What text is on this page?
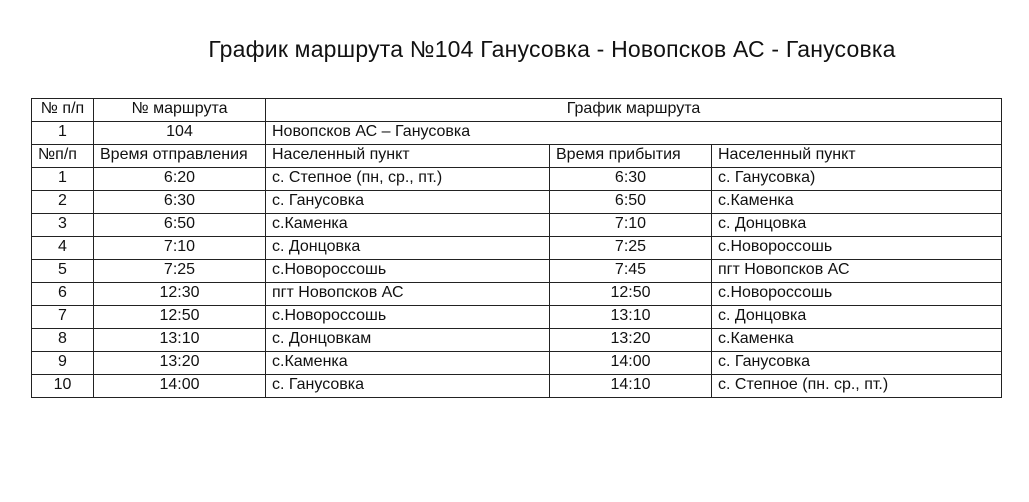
График маршрута №104 Ганусовка - Новопсков АС - Ганусовка
№ п/п	№ маршрута	График маршрута		
1	104	Новопсков АС – Ганусовка		
№п/п	Время отправления	Населенный пункт	Время прибытия	Населенный пункт
1	6:20	с. Степное (пн, ср., пт.)	6:30	с. Ганусовка)
2	6:30	с. Ганусовка	6:50	с.Каменка
3	6:50	с.Каменка	7:10	с. Донцовка
4	7:10	с. Донцовка	7:25	с.Новороссошь
5	7:25	с.Новороссошь	7:45	пгт Новопсков АС
6	12:30	пгт Новопсков АС	12:50	с.Новороссошь
7	12:50	с.Новороссошь	13:10	с. Донцовка
8	13:10	с. Донцовкам	13:20	с.Каменка
9	13:20	с.Каменка	14:00	с. Ганусовка
10	14:00	с. Ганусовка	14:10	с. Степное (пн. ср., пт.)
